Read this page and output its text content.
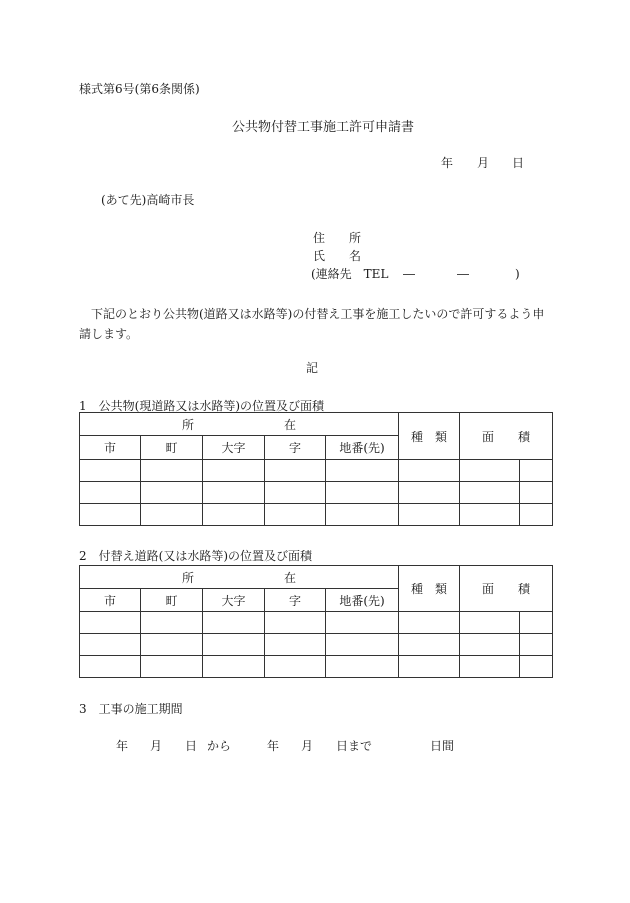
様式第6号(第6条関係)
公共物付替工事施工許可申請書
年 月 日
(あて先)高崎市長
住　　所
氏　　名
(連絡先　TEL ―	―	)
下記のとおり公共物(道路又は水路等)の付替え工事を施工したいので許可するよう申請します。
記
1　公共物(現道路又は水路等)の位置及び面積
所 在					種　類	面　　積	
市	町	大字	字	地番(先)			

2　付替え道路(又は水路等)の位置及び面積
所 在					種　類	面　　積	
市	町	大字	字	地番(先)			

3　工事の施工期間
年 月 日 から	年 月 日まで	日間
